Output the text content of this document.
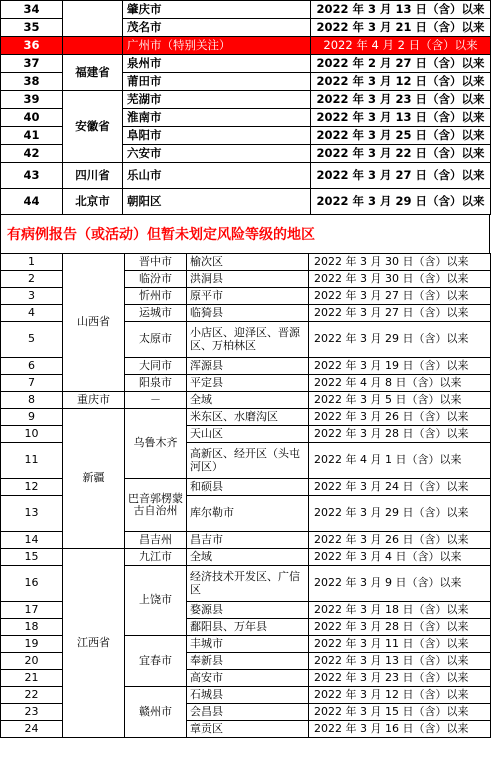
34		肇庆市	2022 年 3 月 13 日（含）以来
35		茂名市	2022 年 3 月 21 日（含）以来
36		广州市（特别关注）	2022 年 4 月 2 日（含）以来
37	福建省	泉州市	2022 年 2 月 27 日（含）以来
38		莆田市	2022 年 3 月 12 日（含）以来
39	安徽省	芜湖市	2022 年 3 月 23 日（含）以来
40		淮南市	2022 年 3 月 13 日（含）以来
41		阜阳市	2022 年 3 月 25 日（含）以来
42		六安市	2022 年 3 月 22 日（含）以来
43	四川省	乐山市	2022 年 3 月 27 日（含）以来
44	北京市	朝阳区	2022 年 3 月 29 日（含）以来
有病例报告（或活动）但暂未划定风险等级的地区
1	山西省	晋中市	榆次区	2022 年 3 月 30 日（含）以来
2		临汾市	洪洞县	2022 年 3 月 30 日（含）以来
3		忻州市	原平市	2022 年 3 月 27 日（含）以来
4		运城市	临猗县	2022 年 3 月 27 日（含）以来
5		太原市	小店区、迎泽区、晋源区、万柏林区	2022 年 3 月 29 日（含）以来
6		大同市	浑源县	2022 年 3 月 19 日（含）以来
7		阳泉市	平定县	2022 年 4 月 8 日（含）以来
8	重庆市	－	全域	2022 年 3 月 5 日（含）以来
9	新疆	乌鲁木齐	米东区、水磨沟区	2022 年 3 月 26 日（含）以来
10			天山区	2022 年 3 月 28 日（含）以来
11			高新区、经开区（头屯河区）	2022 年 4 月 1 日（含）以来
12		巴音郭楞蒙古自治州	和硕县	2022 年 3 月 24 日（含）以来
13			库尔勒市	2022 年 3 月 29 日（含）以来
14		昌吉州	昌吉市	2022 年 3 月 26 日（含）以来
15	江西省	九江市	全域	2022 年 3 月 4 日（含）以来
16		上饶市	经济技术开发区、广信区	2022 年 3 月 9 日（含）以来
17			婺源县	2022 年 3 月 18 日（含）以来
18			鄱阳县、万年县	2022 年 3 月 28 日（含）以来
19		宜春市	丰城市	2022 年 3 月 11 日（含）以来
20			奉新县	2022 年 3 月 13 日（含）以来
21			高安市	2022 年 3 月 23 日（含）以来
22		赣州市	石城县	2022 年 3 月 12 日（含）以来
23			会昌县	2022 年 3 月 15 日（含）以来
24			章贡区	2022 年 3 月 16 日（含）以来
